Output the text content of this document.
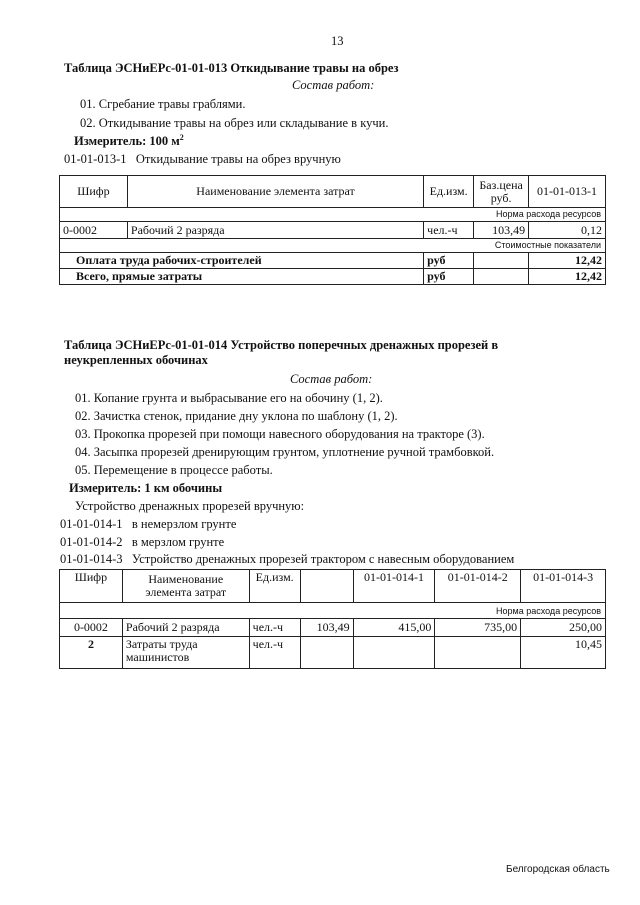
13
Таблица ЭСНиЕРс-01-01-013 Откидывание травы на обрез
Состав работ:
01. Сгребание травы граблями.
02. Откидывание травы на обрез или складывание в кучи.
Измеритель: 100 $м^2$
01-01-013-1 Откидывание травы на обрез вручную
Шифр	Наименование элемента затрат	Ед.изм.	Баз.цена
руб.	01-01-013-1
Норма расхода ресурсов				
0-0002	Рабочий 2 разряда	чел.-ч	103,49	0,12
Стоимостные показатели				
Оплата труда рабочих-строителей		руб		12,42
Всего, прямые затраты		руб		12,42
Таблица ЭСНиЕРс-01-01-014 Устройство поперечных дренажных прорезей в
неукрепленных обочинах
Состав работ:
01. Копание грунта и выбрасывание его на обочину (1, 2).
02. Зачистка стенок, придание дну уклона по шаблону (1, 2).
03. Прокопка прорезей при помощи навесного оборудования на тракторе (3).
04. Засыпка прорезей дренирующим грунтом, уплотнение ручной трамбовкой.
05. Перемещение в процессе работы.
Измеритель: 1 км обочины
Устройство дренажных прорезей вручную:
01-01-014-1 в немерзлом грунте
01-01-014-2 в мерзлом грунте
01-01-014-3 Устройство дренажных прорезей трактором с навесным оборудованием
Шифр	Наименование
элемента затрат	Ед.изм.		01-01-014-1	01-01-014-2	01-01-014-3
Норма расхода ресурсов						
0-0002	Рабочий 2 разряда	чел.-ч	103,49	415,00	735,00	250,00
2	Затраты труда
машинистов	чел.-ч				10,45
Белгородская область
